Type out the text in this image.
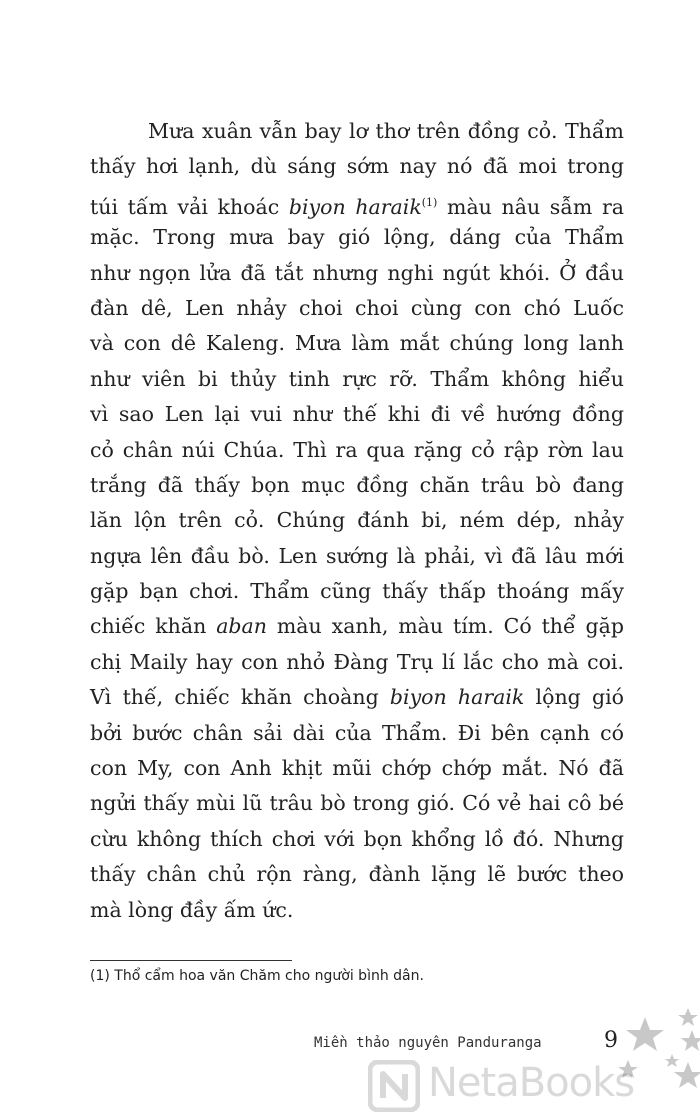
Mưa xuân vẫn bay lơ thơ trên đồng cỏ. Thẩm
thấy hơi lạnh, dù sáng sớm nay nó đã moi trong
túi tấm vải khoác biyon haraik$^{(1)}$ màu nâu sẫm ra
mặc. Trong mưa bay gió lộng, dáng của Thẩm
như ngọn lửa đã tắt nhưng nghi ngút khói. Ở đầu
đàn dê, Len nhảy choi choi cùng con chó Luốc
và con dê Kaleng. Mưa làm mắt chúng long lanh
như viên bi thủy tinh rực rỡ. Thẩm không hiểu
vì sao Len lại vui như thế khi đi về hướng đồng
cỏ chân núi Chúa. Thì ra qua rặng cỏ rập rờn lau
trắng đã thấy bọn mục đồng chăn trâu bò đang
lăn lộn trên cỏ. Chúng đánh bi, ném dép, nhảy
ngựa lên đầu bò. Len sướng là phải, vì đã lâu mới
gặp bạn chơi. Thẩm cũng thấy thấp thoáng mấy
chiếc khăn aban màu xanh, màu tím. Có thể gặp
chị Maily hay con nhỏ Đàng Trụ lí lắc cho mà coi.
Vì thế, chiếc khăn choàng biyon haraik lộng gió
bởi bước chân sải dài của Thẩm. Đi bên cạnh có
con My, con Anh khịt mũi chớp chớp mắt. Nó đã
ngửi thấy mùi lũ trâu bò trong gió. Có vẻ hai cô bé
cừu không thích chơi với bọn khổng lồ đó. Nhưng
thấy chân chủ rộn ràng, đành lặng lẽ bước theo
mà lòng đầy ấm ức.
(1) Thổ cẩm hoa văn Chăm cho người bình dân.
Miền thảo nguyên Panduranga	9
NetaBooks
